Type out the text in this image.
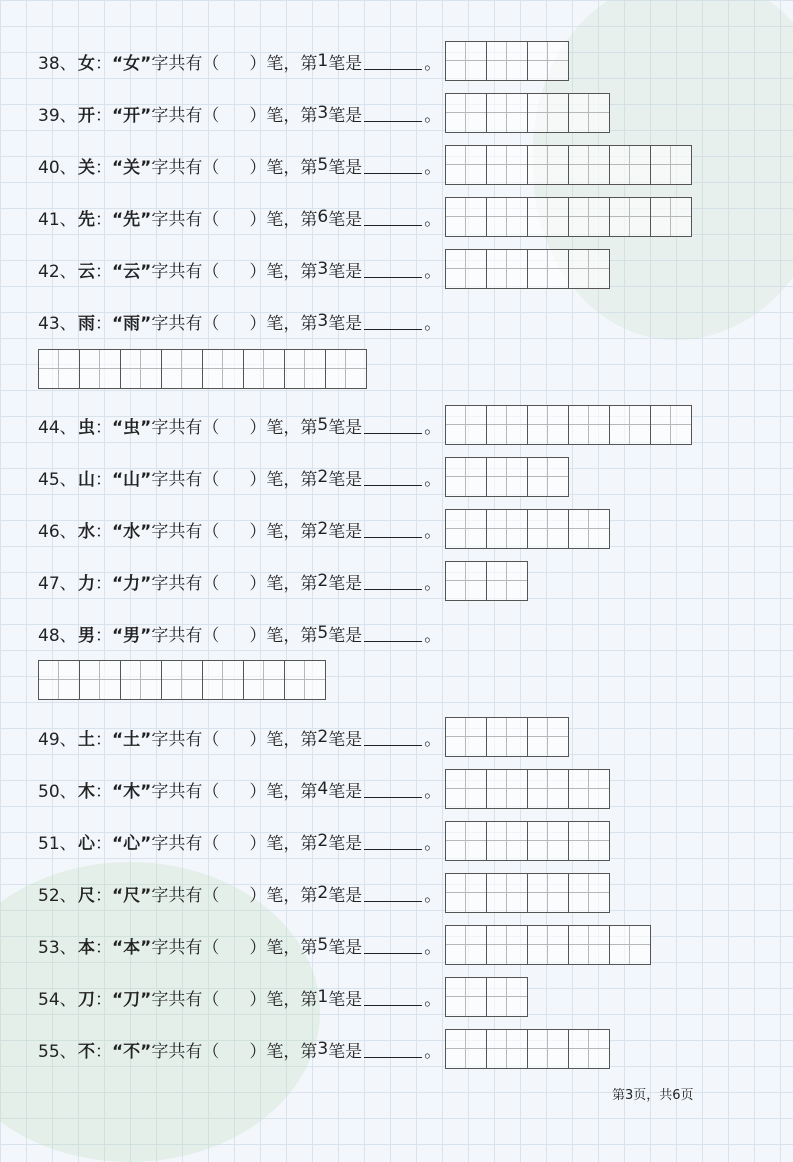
38、 女 ： “女” 字共有（ ）笔，第 1 笔是	。
39、 开 ： “开” 字共有（ ）笔，第 3 笔是	。
40、 关 ： “关” 字共有（ ）笔，第 5 笔是	。
41、 先 ： “先” 字共有（ ）笔，第 6 笔是	。
42、 云 ： “云” 字共有（ ）笔，第 3 笔是	。
43、 雨 ： “雨” 字共有（ ）笔，第 3 笔是	。
44、 虫 ： “虫” 字共有（ ）笔，第 5 笔是	。
45、 山 ： “山” 字共有（ ）笔，第 2 笔是	。
46、 水 ： “水” 字共有（ ）笔，第 2 笔是	。
47、 力 ： “力” 字共有（ ）笔，第 2 笔是	。
48、 男 ： “男” 字共有（ ）笔，第 5 笔是	。
49、 土 ： “土” 字共有（ ）笔，第 2 笔是	。
50、 木 ： “木” 字共有（ ）笔，第 4 笔是	。
51、 心 ： “心” 字共有（ ）笔，第 2 笔是	。
52、 尺 ： “尺” 字共有（ ）笔，第 2 笔是	。
53、 本 ： “本” 字共有（ ）笔，第 5 笔是	。
54、 刀 ： “刀” 字共有（ ）笔，第 1 笔是	。
55、 不 ： “不” 字共有（ ）笔，第 3 笔是	。
第3页，共6页
